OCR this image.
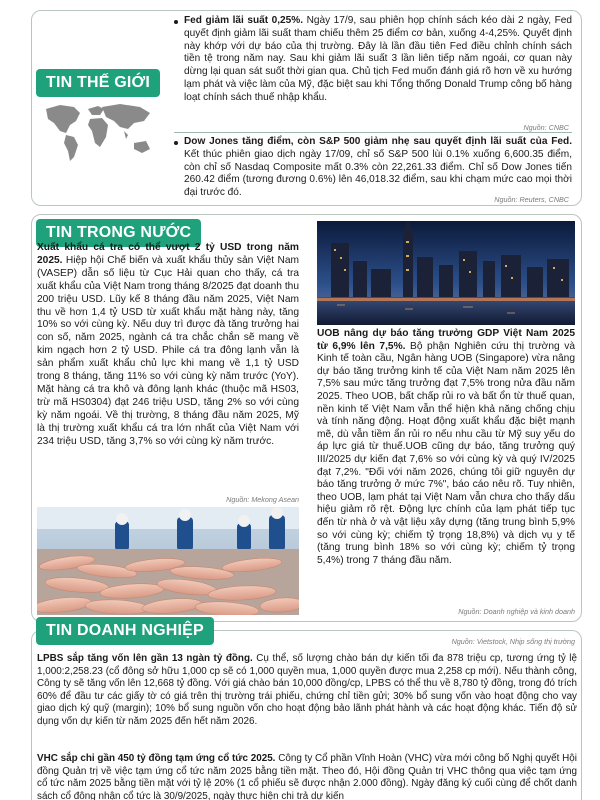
TIN THẾ GIỚI
Fed giảm lãi suất 0,25%. Ngày 17/9, sau phiên họp chính sách kéo dài 2 ngày, Fed quyết định giảm lãi suất tham chiếu thêm 25 điểm cơ bản, xuống 4-4,25%. Quyết định này khớp với dự báo của thị trường. Đây là lần đầu tiên Fed điều chỉnh chính sách tiền tệ trong năm nay. Sau khi giảm lãi suất 3 lần liên tiếp năm ngoái, cơ quan này dừng lại quan sát suốt thời gian qua. Chủ tịch Fed muốn đánh giá rõ hơn về xu hướng lạm phát và việc làm của Mỹ, đặc biệt sau khi Tổng thống Donald Trump công bố hàng loạt chính sách thuế nhập khẩu.
Nguồn: CNBC
Dow Jones tăng điểm, còn S&P 500 giảm nhẹ sau quyết định lãi suất của Fed. Kết thúc phiên giao dịch ngày 17/09, chỉ số S&P 500 lùi 0.1% xuống 6,600.35 điểm, còn chỉ số Nasdaq Composite mất 0.3% còn 22,261.33 điểm. Chỉ số Dow Jones tiến 260.42 điểm (tương đương 0.6%) lên 46,018.32 điểm, sau khi chạm mức cao mọi thời đại trước đó.
Nguồn: Reuters, CNBC
TIN TRONG NƯỚC
Xuất khẩu cá tra có thể vượt 2 tỷ USD trong năm 2025. Hiệp hội Chế biến và xuất khẩu thủy sản Việt Nam (VASEP) dẫn số liệu từ Cục Hải quan cho thấy, cá tra xuất khẩu của Việt Nam trong tháng 8/2025 đạt doanh thu 200 triệu USD. Lũy kế 8 tháng đầu năm 2025, Việt Nam thu về hơn 1,4 tỷ USD từ xuất khẩu mặt hàng này, tăng 10% so với cùng kỳ. Nếu duy trì được đà tăng trưởng hai con số, năm 2025, ngành cá tra chắc chắn sẽ mang về kim ngạch hơn 2 tỷ USD. Phile cá tra đông lạnh vẫn là sản phẩm xuất khẩu chủ lực khi mang về 1,1 tỷ USD trong 8 tháng, tăng 11% so với cùng kỳ năm trước (YoY). Mặt hàng cá tra khô và đông lạnh khác (thuộc mã HS03, trừ mã HS0304) đạt 246 triệu USD, tăng 2% so với cùng kỳ năm ngoái. Về thị trường, 8 tháng đầu năm 2025, Mỹ là thị trường xuất khẩu cá tra lớn nhất của Việt Nam với 234 triệu USD, tăng 3,7% so với cùng kỳ năm trước.
Nguồn: Mekong Asean
UOB nâng dự báo tăng trưởng GDP Việt Nam 2025 từ 6,9% lên 7,5%. Bộ phận Nghiên cứu thị trường và Kinh tế toàn cầu, Ngân hàng UOB (Singapore) vừa nâng dự báo tăng trưởng kinh tế của Việt Nam năm 2025 lên 7,5% sau mức tăng trưởng đạt 7,5% trong nửa đầu năm 2025. Theo UOB, bất chấp rủi ro và bất ổn từ thuế quan, nền kinh tế Việt Nam vẫn thể hiện khả năng chống chịu và tính năng động. Hoạt động xuất khẩu đặc biệt mạnh mẽ, dù vẫn tiềm ẩn rủi ro nếu nhu cầu từ Mỹ suy yếu do áp lực giá từ thuế.UOB cũng dự báo, tăng trưởng quý III/2025 dự kiến đạt 7,6% so với cùng kỳ và quý IV/2025 đạt 7,2%. "Đối với năm 2026, chúng tôi giữ nguyên dự báo tăng trưởng ở mức 7%", báo cáo nêu rõ. Tuy nhiên, theo UOB, lạm phát tại Việt Nam vẫn chưa cho thấy dấu hiệu giảm rõ rệt. Động lực chính của lạm phát tiếp tục đến từ nhà ở và vật liệu xây dựng (tăng trung bình 5,9% so với cùng kỳ; chiếm tỷ trọng 18,8%) và dịch vụ y tế (tăng trung bình 18% so với cùng kỳ; chiếm tỷ trọng 5,4%) trong 7 tháng đầu năm.
Nguồn: Doanh nghiệp và kinh doanh
TIN DOANH NGHIỆP
Nguồn: Vietstock, Nhịp sống thị trường
LPBS sắp tăng vốn lên gần 13 ngàn tỷ đồng. Cụ thể, số lượng chào bán dự kiến tối đa 878 triệu cp, tương ứng tỷ lệ 1,000:2,258.23 (cổ đông sở hữu 1,000 cp sẽ có 1,000 quyền mua, 1,000 quyền được mua 2,258 cp mới). Nếu thành công, Công ty sẽ tăng vốn lên 12,668 tỷ đồng. Với giá chào bán 10,000 đồng/cp, LPBS có thể thu về 8,780 tỷ đồng, trong đó trích 60% để đầu tư các giấy tờ có giá trên thị trường trái phiếu, chứng chỉ tiền gửi; 30% bổ sung vốn vào hoạt động cho vay giao dịch ký quỹ (margin); 10% bổ sung nguồn vốn cho hoạt động bảo lãnh phát hành và các hoạt động khác. Tiến độ sử dụng vốn dự kiến từ năm 2025 đến hết năm 2026.
VHC sắp chi gần 450 tỷ đồng tạm ứng cổ tức 2025. Công ty Cổ phần Vĩnh Hoàn (VHC) vừa mới công bố Nghị quyết Hội đồng Quản trị về việc tạm ứng cổ tức năm 2025 bằng tiền mặt. Theo đó, Hội đồng Quản trị VHC thông qua việc tạm ứng cổ tức năm 2025 bằng tiền mặt với tỷ lệ 20% (1 cổ phiếu sẽ được nhận 2.000 đồng). Ngày đăng ký cuối cùng để chốt danh sách cổ đông nhận cổ tức là 30/9/2025, ngày thực hiện chi trả dự kiến
